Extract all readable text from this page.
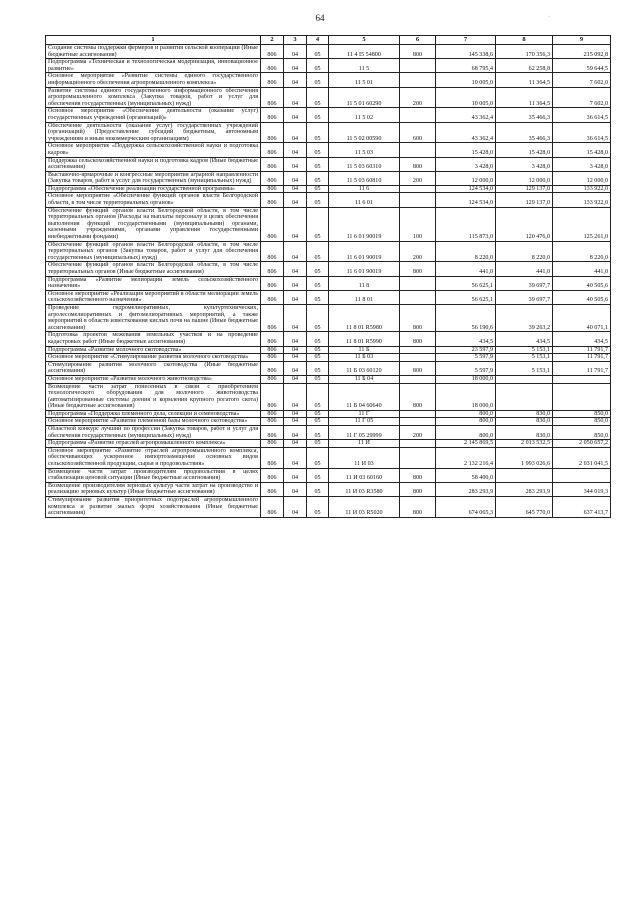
64	·
1	2	3	4	5	6	7	8	9
Создание системы поддержки фермеров и развития сельской кооперации (Иные бюджетные ассигнования)	806	04	05	11 4 I5 54800	800	145 338,6	170 356,3	215 092,8
Подпрограмма «Техническая и технологическая модернизация, инновационное развитие»	806	04	05	11 5		68 795,4	62 258,8	59 644,5
Основное мероприятие «Развитие системы единого государственного информационного обеспечения агропромышленного комплекса»	806	04	05	11 5 01		10 005,0	11 364,5	7 602,0
Развитие системы единого государственного информационного обеспечения агропромышленного комплекса (Закупка товаров, работ и услуг для обеспечения государственных (муниципальных) нужд)	806	04	05	11 5 01 60290	200	10 005,0	11 364,5	7 602,0
Основное мероприятие «Обеспечение деятельности (оказание услуг) государственных учреждений (организаций)»	806	04	05	11 5 02		43 362,4	35 466,3	36 614,5
Обеспечение деятельности (оказание услуг) государственных учреждений (организаций) (Предоставление субсидий бюджетным, автономным учреждениям и иным некоммерческим организациям)	806	04	05	11 5 02 00590	600	43 362,4	35 466,3	36 614,5
Основное мероприятие «Поддержка сельскохозяйственной науки и подготовка кадров»	806	04	05	11 5 03		15 428,0	15 428,0	15 428,0
Поддержка сельскохозяйственной науки и подготовка кадров (Иные бюджетные ассигнования)	806	04	05	11 5 03 60310	800	3 428,0	3 428,0	3 428,0
Выставочно-ярмарочные и конгрессные мероприятия аграрной направленности (Закупка товаров, работ и услуг для государственных (муниципальных) нужд)	806	04	05	11 5 03 60810	200	12 000,0	12 000,0	12 000,0
Подпрограмма «Обеспечение реализации государственной программы»	806	04	05	11 6		124 534,0	129 137,0	133 922,0
Основное мероприятие «Обеспечение функций органов власти Белгородской области, в том числе территориальных органов»	806	04	05	11 6 01		124 534,0	129 137,0	133 922,0
Обеспечение функций органов власти Белгородской области, в том числе территориальных органов (Расходы на выплаты персоналу в целях обеспечения выполнения функций государственными (муниципальными) органами, казенными учреждениями, органами управления государственными внебюджетными фондами)	806	04	05	11 6 01 90019	100	115 873,0	120 476,0	125 261,0
Обеспечение функций органов власти Белгородской области, в том числе территориальных органов (Закупка товаров, работ и услуг для обеспечения государственных (муниципальных) нужд)	806	04	05	11 6 01 90019	200	8 220,0	8 220,0	8 220,0
Обеспечение функций органов власти Белгородской области, в том числе территориальных органов (Иные бюджетные ассигнования)	806	04	05	11 6 01 90019	800	441,0	441,0	441,0
Подпрограмма «Развитие мелиорации земель сельскохозяйственного назначения»	806	04	05	11 8		56 625,1	39 697,7	40 505,6
Основное мероприятие «Реализация мероприятий в области мелиорации земель сельскохозяйственного назначения»	806	04	05	11 8 01		56 625,1	39 697,7	40 505,6
Проведение гидромелиоративных, культуртехнических, агролесомелиоративных и фитомелиоративных мероприятий, а также мероприятий в области известкования кислых почв на пашне (Иные бюджетные ассигнования)	806	04	05	11 8 01 R5980	800	56 190,6	39 263,2	40 071,1
Подготовка проектов межевания земельных участков и на проведение кадастровых работ (Иные бюджетные ассигнования)	806	04	05	11 8 01 R5990	800	434,5	434,5	434,5
Подпрограмма «Развитие молочного скотоводства»	806	04	05	11 Б		23 597,9	5 153,1	11 791,7
Основное мероприятие «Стимулирование развития молочного скотоводства»	806	04	05	11 Б 03		5 597,9	5 153,1	11 791,7
Стимулирование развития молочного скотоводства (Иные бюджетные ассигнования)	806	04	05	11 Б 03 60120	800	5 597,9	5 153,1	11 791,7
Основное мероприятие «Развитие молочного животноводства»	806	04	05	11 Б 04		18 000,0		
Возмещение части затрат понесенных в связи с приобретением технологического оборудования для молочного животноводства (автоматизированные системы доения и кормления крупного рогатого скота) (Иные бюджетные ассигнования)	806	04	05	11 Б 04 60640	800	18 000,0		
Подпрограмма «Поддержка племенного дела, селекции и семеноводства»	806	04	05	11 Г		800,0	830,0	850,0
Основное мероприятие «Развитие племенной базы молочного скотоводства»	806	04	05	11 Г 05		800,0	830,0	850,0
Областной конкурс лучший по профессии (Закупка товаров, работ и услуг для обеспечения государственных (муниципальных) нужд)	806	04	05	11 Г 05 29999	200	800,0	830,0	850,0
Подпрограмма «Развитие отраслей агропромышленного комплекса»	806	04	05	11 И		2 145 869,5	2 013 532,5	2 050 657,2
Основное мероприятие «Развитие отраслей агропромышленного комплекса, обеспечивающих ускоренное импортозамещение основных видов сельскохозяйственной продукции, сырья и продовольствия»	806	04	05	11 И 03		2 132 216,4	1 993 026,6	2 031 041,5
Возмещение части затрат производителям продовольствия в целях стабилизации ценовой ситуации (Иные бюджетные ассигнования)	806	04	05	11 И 03 60160	800	58 400,0		
Возмещение производителям зерновых культур части затрат на производство и реализацию зерновых культур (Иные бюджетные ассигнования)	806	04	05	11 И 03 R3580	800	283 293,9	283 293,9	344 019,3
Стимулирование развития приоритетных подотраслей агропромышленного комплекса и развитие малых форм хозяйствования (Иные бюджетные ассигнования)	806	04	05	11 И 03 R5020	800	674 065,3	645 770,0	637 413,7
